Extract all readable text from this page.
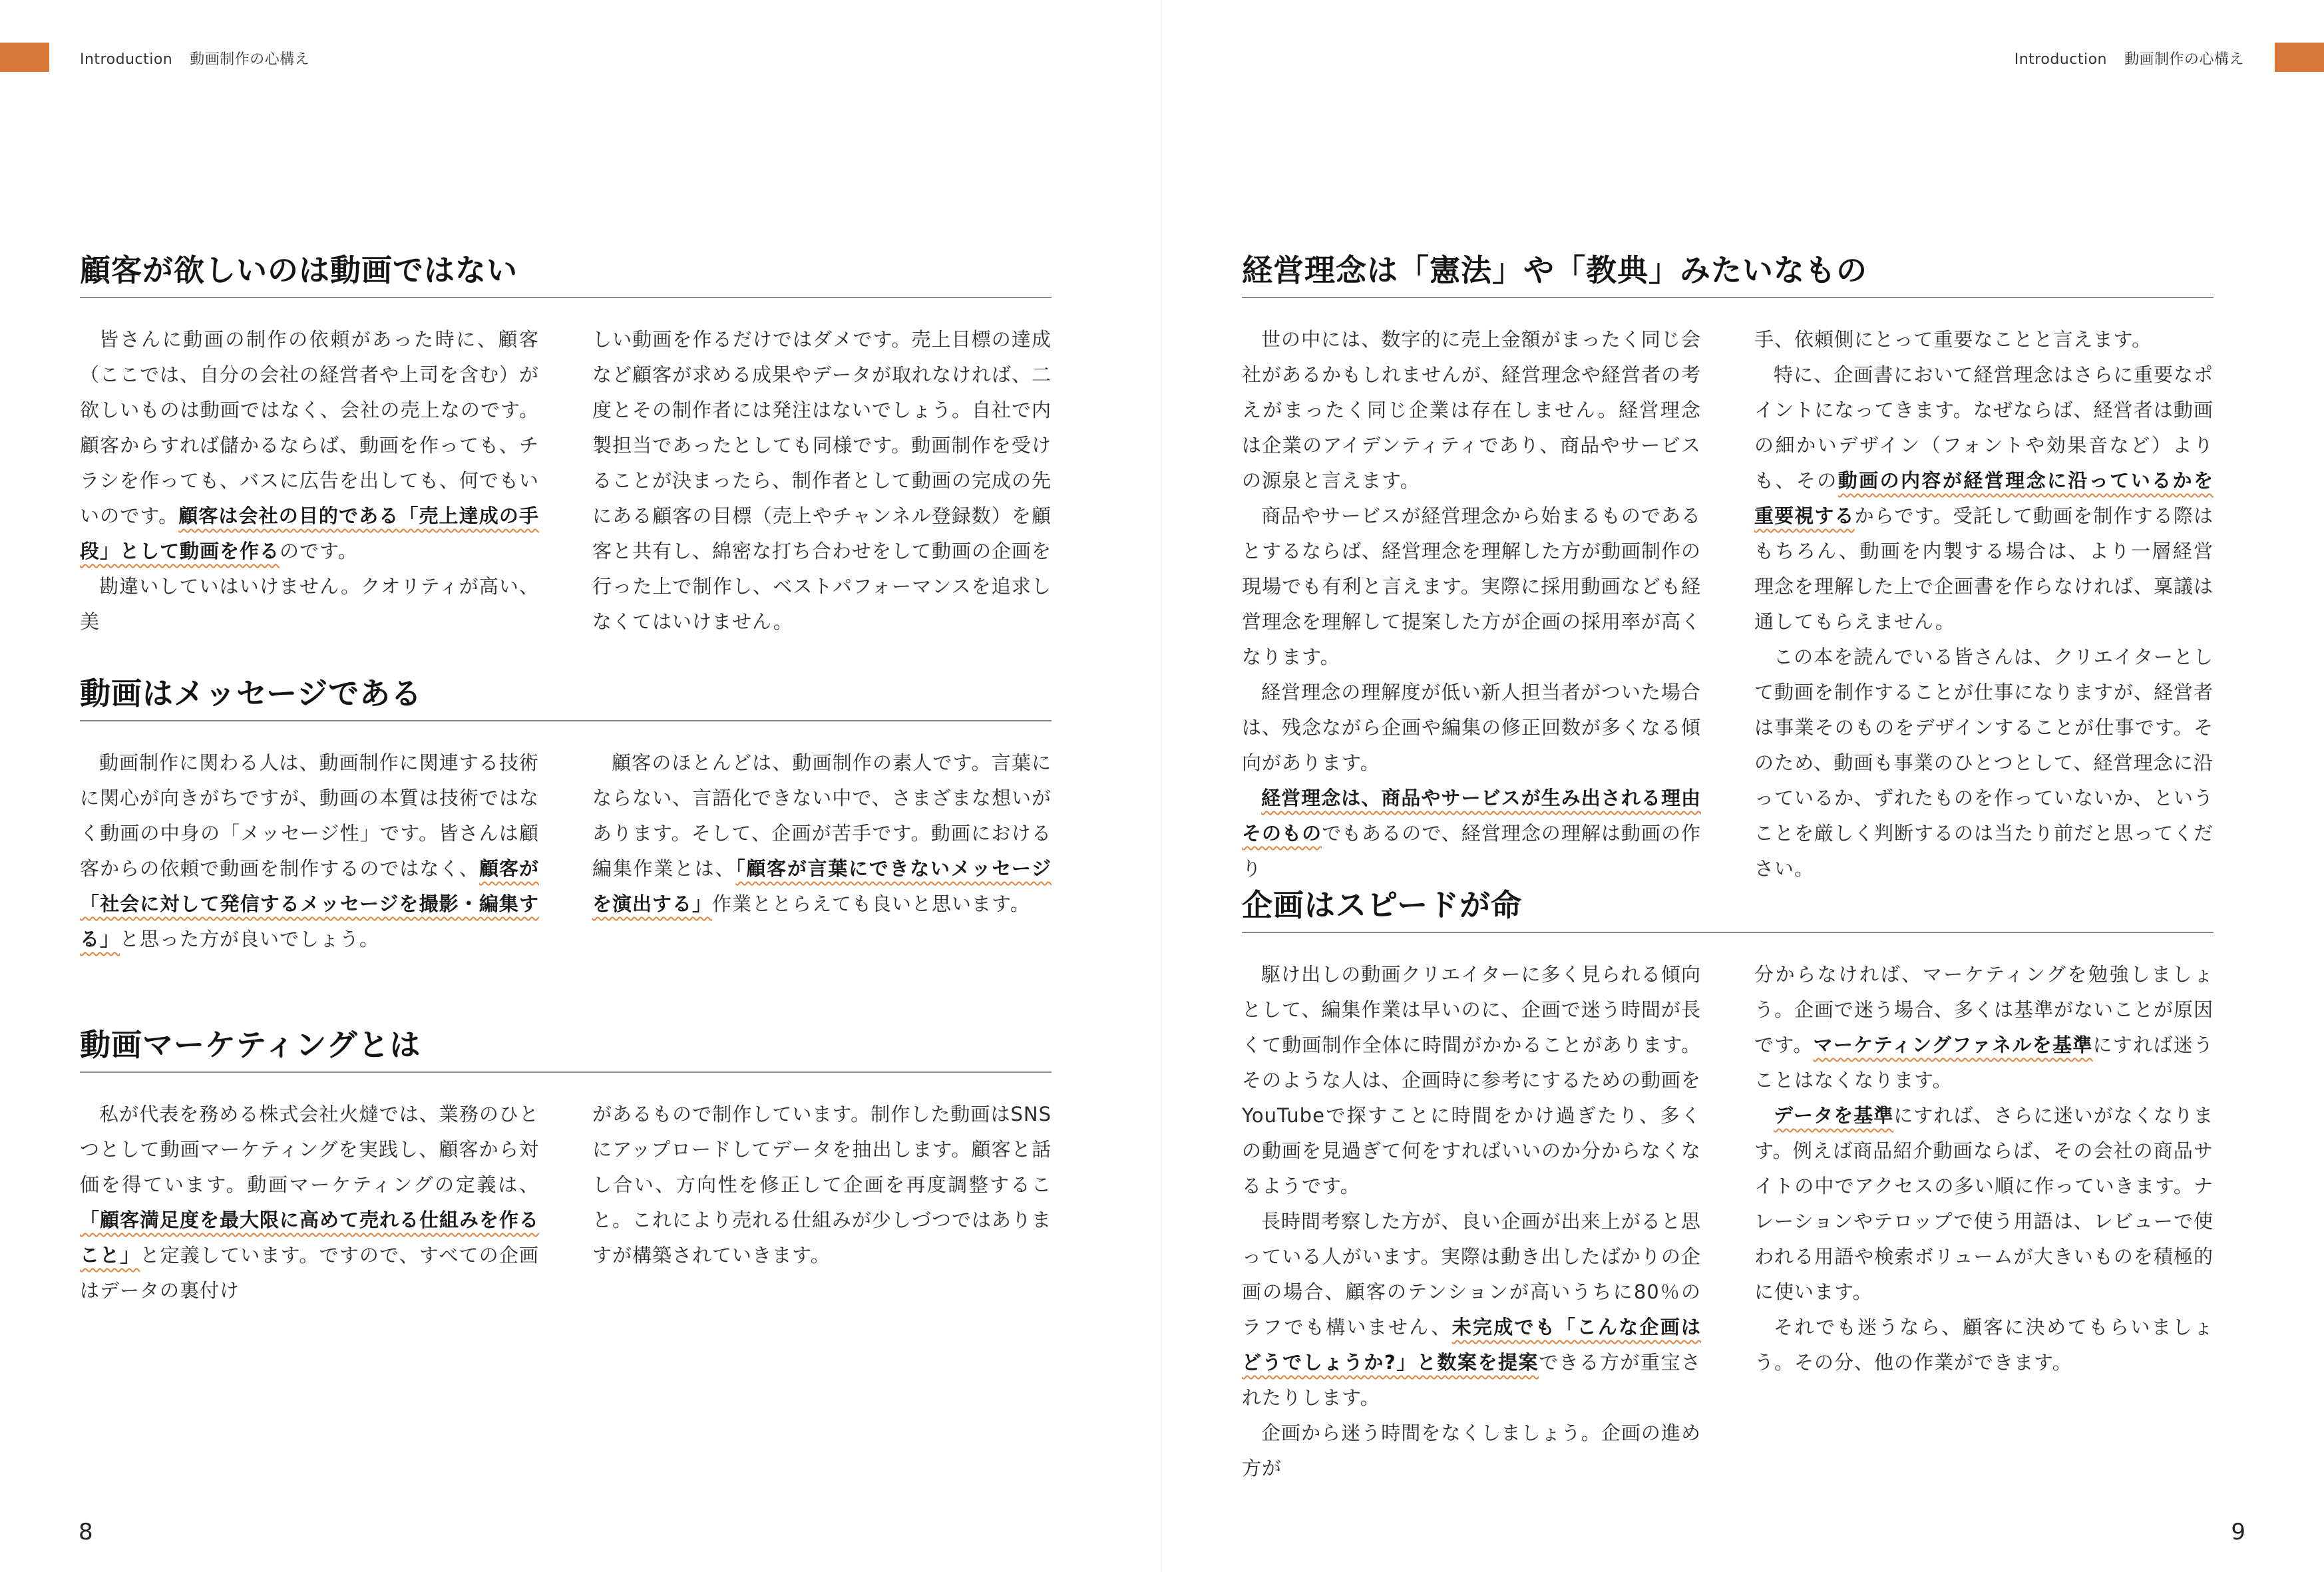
Introduction 動画制作の心構え
顧客が欲しいのは動画ではない

皆さんに動画の制作の依頼があった時に、顧客（ここでは、自分の会社の経営者や上司を含む）が欲しいものは動画ではなく、会社の売上なのです。顧客からすれば儲かるならば、動画を作っても、チラシを作っても、バスに広告を出しても、何でもいいのです。顧客は会社の目的である「売上達成の手段」として動画を作るのです。

勘違いしていはいけません。クオリティが高い、美

しい動画を作るだけではダメです。売上目標の達成など顧客が求める成果やデータが取れなければ、二度とその制作者には発注はないでしょう。自社で内製担当であったとしても同様です。動画制作を受けることが決まったら、制作者として動画の完成の先にある顧客の目標（売上やチャンネル登録数）を顧客と共有し、綿密な打ち合わせをして動画の企画を行った上で制作し、ベストパフォーマンスを追求しなくてはいけません。

動画はメッセージである

動画制作に関わる人は、動画制作に関連する技術に関心が向きがちですが、動画の本質は技術ではなく動画の中身の「メッセージ性」です。皆さんは顧客からの依頼で動画を制作するのではなく、顧客が「社会に対して発信するメッセージを撮影・編集する」と思った方が良いでしょう。

顧客のほとんどは、動画制作の素人です。言葉にならない、言語化できない中で、さまざまな想いがあります。そして、企画が苦手です。動画における編集作業とは、「顧客が言葉にできないメッセージを演出する」作業ととらえても良いと思います。

動画マーケティングとは

私が代表を務める株式会社火燵では、業務のひとつとして動画マーケティングを実践し、顧客から対価を得ています。動画マーケティングの定義は、「顧客満足度を最大限に高めて売れる仕組みを作ること」と定義しています。ですので、すべての企画はデータの裏付け

があるもので制作しています。制作した動画はSNSにアップロードしてデータを抽出します。顧客と話し合い、方向性を修正して企画を再度調整すること。これにより売れる仕組みが少しづつではありますが構築されていきます。

8
Introduction 動画制作の心構え
経営理念は「憲法」や「教典」みたいなもの

世の中には、数字的に売上金額がまったく同じ会社があるかもしれませんが、経営理念や経営者の考えがまったく同じ企業は存在しません。経営理念は企業のアイデンティティであり、商品やサービスの源泉と言えます。

商品やサービスが経営理念から始まるものであるとするならば、経営理念を理解した方が動画制作の現場でも有利と言えます。実際に採用動画なども経営理念を理解して提案した方が企画の採用率が高くなります。

経営理念の理解度が低い新人担当者がついた場合は、残念ながら企画や編集の修正回数が多くなる傾向があります。

経営理念は、商品やサービスが生み出される理由そのものでもあるので、経営理念の理解は動画の作り

手、依頼側にとって重要なことと言えます。

特に、企画書において経営理念はさらに重要なポイントになってきます。なぜならば、経営者は動画の細かいデザイン（フォントや効果音など）よりも、その動画の内容が経営理念に沿っているかを重要視するからです。受託して動画を制作する際はもちろん、動画を内製する場合は、より一層経営理念を理解した上で企画書を作らなければ、稟議は通してもらえません。

この本を読んでいる皆さんは、クリエイターとして動画を制作することが仕事になりますが、経営者は事業そのものをデザインすることが仕事です。そのため、動画も事業のひとつとして、経営理念に沿っているか、ずれたものを作っていないか、ということを厳しく判断するのは当たり前だと思ってください。

企画はスピードが命

駆け出しの動画クリエイターに多く見られる傾向として、編集作業は早いのに、企画で迷う時間が長くて動画制作全体に時間がかかることがあります。そのような人は、企画時に参考にするための動画をYouTubeで探すことに時間をかけ過ぎたり、多くの動画を見過ぎて何をすればいいのか分からなくなるようです。

長時間考察した方が、良い企画が出来上がると思っている人がいます。実際は動き出したばかりの企画の場合、顧客のテンションが高いうちに80％のラフでも構いません、未完成でも「こんな企画はどうでしょうか?」と数案を提案できる方が重宝されたりします。

企画から迷う時間をなくしましょう。企画の進め方が

分からなければ、マーケティングを勉強しましょう。企画で迷う場合、多くは基準がないことが原因です。マーケティングファネルを基準にすれば迷うことはなくなります。

データを基準にすれば、さらに迷いがなくなります。例えば商品紹介動画ならば、その会社の商品サイトの中でアクセスの多い順に作っていきます。ナレーションやテロップで使う用語は、レビューで使われる用語や検索ボリュームが大きいものを積極的に使います。

それでも迷うなら、顧客に決めてもらいましょう。その分、他の作業ができます。

9
